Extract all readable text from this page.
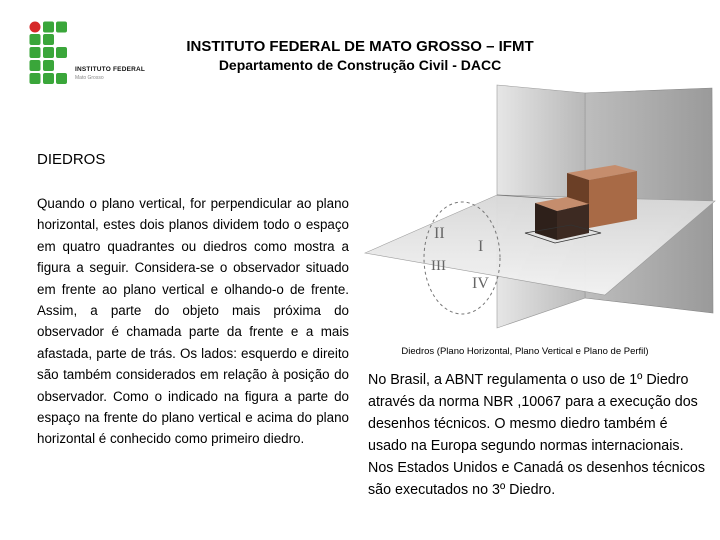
INSTITUTO FEDERAL
Mato Grosso
INSTITUTO FEDERAL DE MATO GROSSO – IFMT
Departamento de Construção Civil - DACC
DIEDROS
Quando o plano vertical, for perpendicular ao plano horizontal, estes dois planos dividem todo o espaço em quatro quadrantes ou diedros como mostra a figura a seguir. Considera-se o observador situado em frente ao plano vertical e olhando-o de frente. Assim, a parte do objeto mais próxima do observador é chamada parte da frente e a mais afastada, parte de trás. Os lados: esquerdo e direito são também considerados em relação à posição do observador. Como o indicado na figura a parte do espaço na frente do plano vertical e acima do plano horizontal é conhecido como primeiro diedro.
I
II
III
IV
Diedros (Plano Horizontal, Plano Vertical e Plano de Perfil)
No Brasil, a ABNT regulamenta o uso de 1º Diedro através da norma NBR ,10067 para a execução dos desenhos técnicos. O mesmo diedro também é usado na Europa segundo normas internacionais. Nos Estados Unidos e Canadá os desenhos técnicos são executados no 3º Diedro.
